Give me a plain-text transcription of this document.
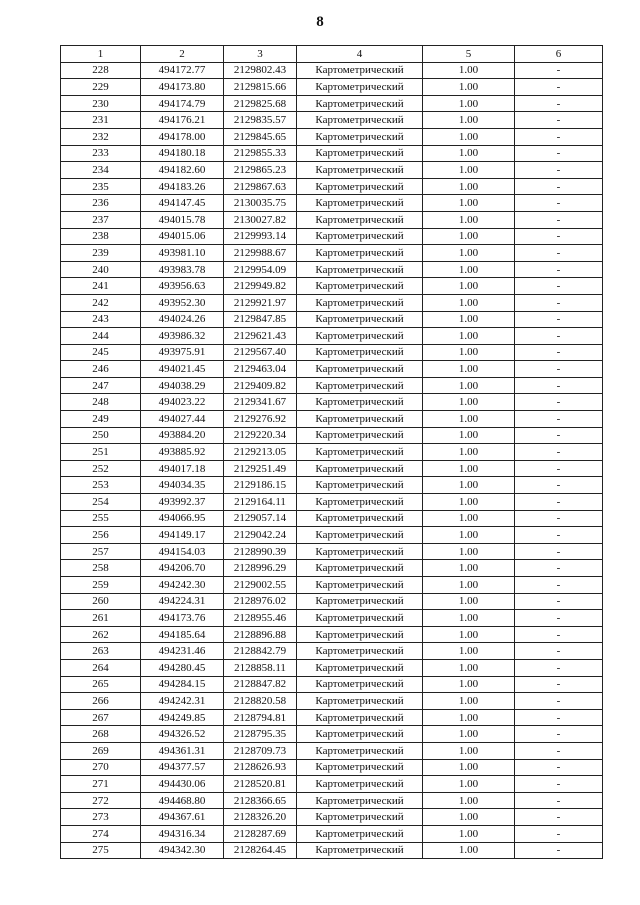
8
1	2	3	4	5	6
228	494172.77	2129802.43	Картометрический	1.00	-
229	494173.80	2129815.66	Картометрический	1.00	-
230	494174.79	2129825.68	Картометрический	1.00	-
231	494176.21	2129835.57	Картометрический	1.00	-
232	494178.00	2129845.65	Картометрический	1.00	-
233	494180.18	2129855.33	Картометрический	1.00	-
234	494182.60	2129865.23	Картометрический	1.00	-
235	494183.26	2129867.63	Картометрический	1.00	-
236	494147.45	2130035.75	Картометрический	1.00	-
237	494015.78	2130027.82	Картометрический	1.00	-
238	494015.06	2129993.14	Картометрический	1.00	-
239	493981.10	2129988.67	Картометрический	1.00	-
240	493983.78	2129954.09	Картометрический	1.00	-
241	493956.63	2129949.82	Картометрический	1.00	-
242	493952.30	2129921.97	Картометрический	1.00	-
243	494024.26	2129847.85	Картометрический	1.00	-
244	493986.32	2129621.43	Картометрический	1.00	-
245	493975.91	2129567.40	Картометрический	1.00	-
246	494021.45	2129463.04	Картометрический	1.00	-
247	494038.29	2129409.82	Картометрический	1.00	-
248	494023.22	2129341.67	Картометрический	1.00	-
249	494027.44	2129276.92	Картометрический	1.00	-
250	493884.20	2129220.34	Картометрический	1.00	-
251	493885.92	2129213.05	Картометрический	1.00	-
252	494017.18	2129251.49	Картометрический	1.00	-
253	494034.35	2129186.15	Картометрический	1.00	-
254	493992.37	2129164.11	Картометрический	1.00	-
255	494066.95	2129057.14	Картометрический	1.00	-
256	494149.17	2129042.24	Картометрический	1.00	-
257	494154.03	2128990.39	Картометрический	1.00	-
258	494206.70	2128996.29	Картометрический	1.00	-
259	494242.30	2129002.55	Картометрический	1.00	-
260	494224.31	2128976.02	Картометрический	1.00	-
261	494173.76	2128955.46	Картометрический	1.00	-
262	494185.64	2128896.88	Картометрический	1.00	-
263	494231.46	2128842.79	Картометрический	1.00	-
264	494280.45	2128858.11	Картометрический	1.00	-
265	494284.15	2128847.82	Картометрический	1.00	-
266	494242.31	2128820.58	Картометрический	1.00	-
267	494249.85	2128794.81	Картометрический	1.00	-
268	494326.52	2128795.35	Картометрический	1.00	-
269	494361.31	2128709.73	Картометрический	1.00	-
270	494377.57	2128626.93	Картометрический	1.00	-
271	494430.06	2128520.81	Картометрический	1.00	-
272	494468.80	2128366.65	Картометрический	1.00	-
273	494367.61	2128326.20	Картометрический	1.00	-
274	494316.34	2128287.69	Картометрический	1.00	-
275	494342.30	2128264.45	Картометрический	1.00	-
